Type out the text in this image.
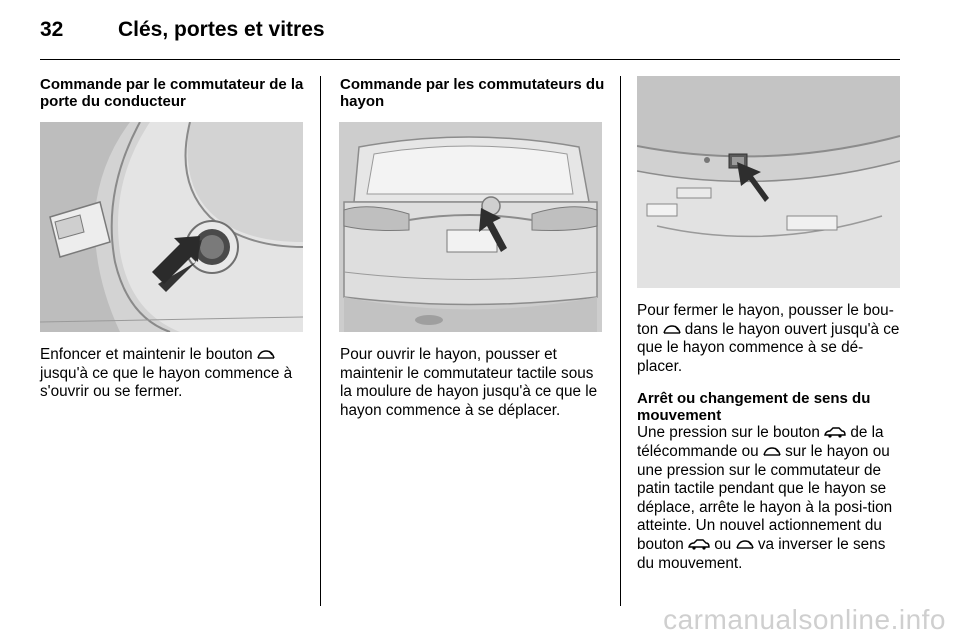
32	Clés, portes et vitres
Commande par le commutateur de la porte du conducteur

Enfoncer et maintenir le bouton
jusqu'à ce que le hayon commence à s'ouvrir ou se fermer.

Commande par les commutateurs du hayon

Pour ouvrir le hayon, pousser et maintenir le commutateur tactile sous la moulure de hayon jusqu'à ce que le hayon commence à se déplacer.

Pour fermer le hayon, pousser le bou-ton dans le hayon ouvert jusqu'à ce que le hayon commence à se dé-placer.

Arrêt ou changement de sens du mouvement

Une pression sur le bouton de la télécommande ou sur le hayon ou une pression sur le commutateur de patin tactile pendant que le hayon se déplace, arrête le hayon à la posi-tion atteinte. Un nouvel actionnement du bouton ou va inverser le sens du mouvement.

carmanualsonline.info
